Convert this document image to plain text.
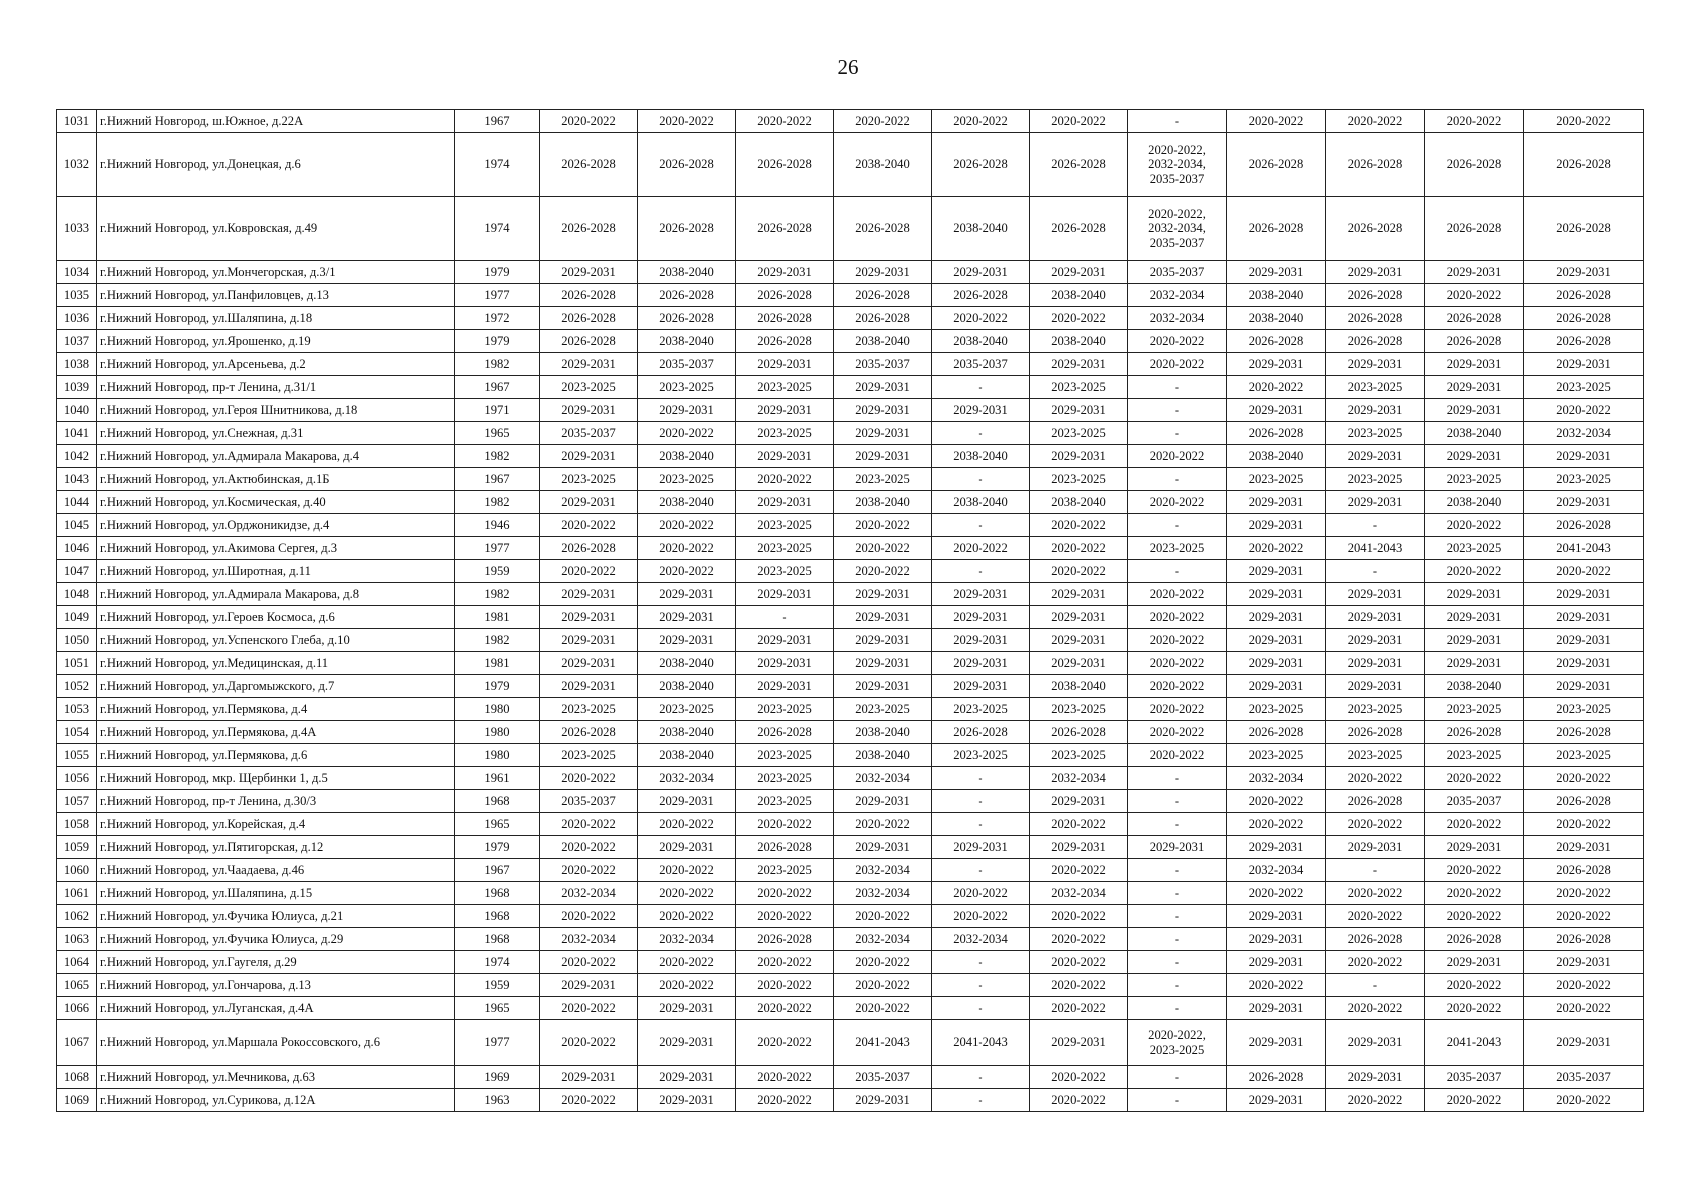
26
1031	г.Нижний Новгород, ш.Южное, д.22А	1967	2020-2022	2020-2022	2020-2022	2020-2022	2020-2022	2020-2022	-	2020-2022	2020-2022	2020-2022	2020-2022
1032	г.Нижний Новгород, ул.Донецкая, д.6	1974	2026-2028	2026-2028	2026-2028	2038-2040	2026-2028	2026-2028	2020-2022,
2032-2034,
2035-2037	2026-2028	2026-2028	2026-2028	2026-2028
1033	г.Нижний Новгород, ул.Ковровская, д.49	1974	2026-2028	2026-2028	2026-2028	2026-2028	2038-2040	2026-2028	2020-2022,
2032-2034,
2035-2037	2026-2028	2026-2028	2026-2028	2026-2028
1034	г.Нижний Новгород, ул.Мончегорская, д.3/1	1979	2029-2031	2038-2040	2029-2031	2029-2031	2029-2031	2029-2031	2035-2037	2029-2031	2029-2031	2029-2031	2029-2031
1035	г.Нижний Новгород, ул.Панфиловцев, д.13	1977	2026-2028	2026-2028	2026-2028	2026-2028	2026-2028	2038-2040	2032-2034	2038-2040	2026-2028	2020-2022	2026-2028
1036	г.Нижний Новгород, ул.Шаляпина, д.18	1972	2026-2028	2026-2028	2026-2028	2026-2028	2020-2022	2020-2022	2032-2034	2038-2040	2026-2028	2026-2028	2026-2028
1037	г.Нижний Новгород, ул.Ярошенко, д.19	1979	2026-2028	2038-2040	2026-2028	2038-2040	2038-2040	2038-2040	2020-2022	2026-2028	2026-2028	2026-2028	2026-2028
1038	г.Нижний Новгород, ул.Арсеньева, д.2	1982	2029-2031	2035-2037	2029-2031	2035-2037	2035-2037	2029-2031	2020-2022	2029-2031	2029-2031	2029-2031	2029-2031
1039	г.Нижний Новгород, пр-т Ленина, д.31/1	1967	2023-2025	2023-2025	2023-2025	2029-2031	-	2023-2025	-	2020-2022	2023-2025	2029-2031	2023-2025
1040	г.Нижний Новгород, ул.Героя Шнитникова, д.18	1971	2029-2031	2029-2031	2029-2031	2029-2031	2029-2031	2029-2031	-	2029-2031	2029-2031	2029-2031	2020-2022
1041	г.Нижний Новгород, ул.Снежная, д.31	1965	2035-2037	2020-2022	2023-2025	2029-2031	-	2023-2025	-	2026-2028	2023-2025	2038-2040	2032-2034
1042	г.Нижний Новгород, ул.Адмирала Макарова, д.4	1982	2029-2031	2038-2040	2029-2031	2029-2031	2038-2040	2029-2031	2020-2022	2038-2040	2029-2031	2029-2031	2029-2031
1043	г.Нижний Новгород, ул.Актюбинская, д.1Б	1967	2023-2025	2023-2025	2020-2022	2023-2025	-	2023-2025	-	2023-2025	2023-2025	2023-2025	2023-2025
1044	г.Нижний Новгород, ул.Космическая, д.40	1982	2029-2031	2038-2040	2029-2031	2038-2040	2038-2040	2038-2040	2020-2022	2029-2031	2029-2031	2038-2040	2029-2031
1045	г.Нижний Новгород, ул.Орджоникидзе, д.4	1946	2020-2022	2020-2022	2023-2025	2020-2022	-	2020-2022	-	2029-2031	-	2020-2022	2026-2028
1046	г.Нижний Новгород, ул.Акимова Сергея, д.3	1977	2026-2028	2020-2022	2023-2025	2020-2022	2020-2022	2020-2022	2023-2025	2020-2022	2041-2043	2023-2025	2041-2043
1047	г.Нижний Новгород, ул.Широтная, д.11	1959	2020-2022	2020-2022	2023-2025	2020-2022	-	2020-2022	-	2029-2031	-	2020-2022	2020-2022
1048	г.Нижний Новгород, ул.Адмирала Макарова, д.8	1982	2029-2031	2029-2031	2029-2031	2029-2031	2029-2031	2029-2031	2020-2022	2029-2031	2029-2031	2029-2031	2029-2031
1049	г.Нижний Новгород, ул.Героев Космоса, д.6	1981	2029-2031	2029-2031	-	2029-2031	2029-2031	2029-2031	2020-2022	2029-2031	2029-2031	2029-2031	2029-2031
1050	г.Нижний Новгород, ул.Успенского Глеба, д.10	1982	2029-2031	2029-2031	2029-2031	2029-2031	2029-2031	2029-2031	2020-2022	2029-2031	2029-2031	2029-2031	2029-2031
1051	г.Нижний Новгород, ул.Медицинская, д.11	1981	2029-2031	2038-2040	2029-2031	2029-2031	2029-2031	2029-2031	2020-2022	2029-2031	2029-2031	2029-2031	2029-2031
1052	г.Нижний Новгород, ул.Даргомыжского, д.7	1979	2029-2031	2038-2040	2029-2031	2029-2031	2029-2031	2038-2040	2020-2022	2029-2031	2029-2031	2038-2040	2029-2031
1053	г.Нижний Новгород, ул.Пермякова, д.4	1980	2023-2025	2023-2025	2023-2025	2023-2025	2023-2025	2023-2025	2020-2022	2023-2025	2023-2025	2023-2025	2023-2025
1054	г.Нижний Новгород, ул.Пермякова, д.4А	1980	2026-2028	2038-2040	2026-2028	2038-2040	2026-2028	2026-2028	2020-2022	2026-2028	2026-2028	2026-2028	2026-2028
1055	г.Нижний Новгород, ул.Пермякова, д.6	1980	2023-2025	2038-2040	2023-2025	2038-2040	2023-2025	2023-2025	2020-2022	2023-2025	2023-2025	2023-2025	2023-2025
1056	г.Нижний Новгород, мкр. Щербинки 1, д.5	1961	2020-2022	2032-2034	2023-2025	2032-2034	-	2032-2034	-	2032-2034	2020-2022	2020-2022	2020-2022
1057	г.Нижний Новгород, пр-т Ленина, д.30/3	1968	2035-2037	2029-2031	2023-2025	2029-2031	-	2029-2031	-	2020-2022	2026-2028	2035-2037	2026-2028
1058	г.Нижний Новгород, ул.Корейская, д.4	1965	2020-2022	2020-2022	2020-2022	2020-2022	-	2020-2022	-	2020-2022	2020-2022	2020-2022	2020-2022
1059	г.Нижний Новгород, ул.Пятигорская, д.12	1979	2020-2022	2029-2031	2026-2028	2029-2031	2029-2031	2029-2031	2029-2031	2029-2031	2029-2031	2029-2031	2029-2031
1060	г.Нижний Новгород, ул.Чаадаева, д.46	1967	2020-2022	2020-2022	2023-2025	2032-2034	-	2020-2022	-	2032-2034	-	2020-2022	2026-2028
1061	г.Нижний Новгород, ул.Шаляпина, д.15	1968	2032-2034	2020-2022	2020-2022	2032-2034	2020-2022	2032-2034	-	2020-2022	2020-2022	2020-2022	2020-2022
1062	г.Нижний Новгород, ул.Фучика Юлиуса, д.21	1968	2020-2022	2020-2022	2020-2022	2020-2022	2020-2022	2020-2022	-	2029-2031	2020-2022	2020-2022	2020-2022
1063	г.Нижний Новгород, ул.Фучика Юлиуса, д.29	1968	2032-2034	2032-2034	2026-2028	2032-2034	2032-2034	2020-2022	-	2029-2031	2026-2028	2026-2028	2026-2028
1064	г.Нижний Новгород, ул.Гаугеля, д.29	1974	2020-2022	2020-2022	2020-2022	2020-2022	-	2020-2022	-	2029-2031	2020-2022	2029-2031	2029-2031
1065	г.Нижний Новгород, ул.Гончарова, д.13	1959	2029-2031	2020-2022	2020-2022	2020-2022	-	2020-2022	-	2020-2022	-	2020-2022	2020-2022
1066	г.Нижний Новгород, ул.Луганская, д.4А	1965	2020-2022	2029-2031	2020-2022	2020-2022	-	2020-2022	-	2029-2031	2020-2022	2020-2022	2020-2022
1067	г.Нижний Новгород, ул.Маршала Рокоссовского, д.6	1977	2020-2022	2029-2031	2020-2022	2041-2043	2041-2043	2029-2031	2020-2022,
2023-2025	2029-2031	2029-2031	2041-2043	2029-2031
1068	г.Нижний Новгород, ул.Мечникова, д.63	1969	2029-2031	2029-2031	2020-2022	2035-2037	-	2020-2022	-	2026-2028	2029-2031	2035-2037	2035-2037
1069	г.Нижний Новгород, ул.Сурикова, д.12А	1963	2020-2022	2029-2031	2020-2022	2029-2031	-	2020-2022	-	2029-2031	2020-2022	2020-2022	2020-2022
